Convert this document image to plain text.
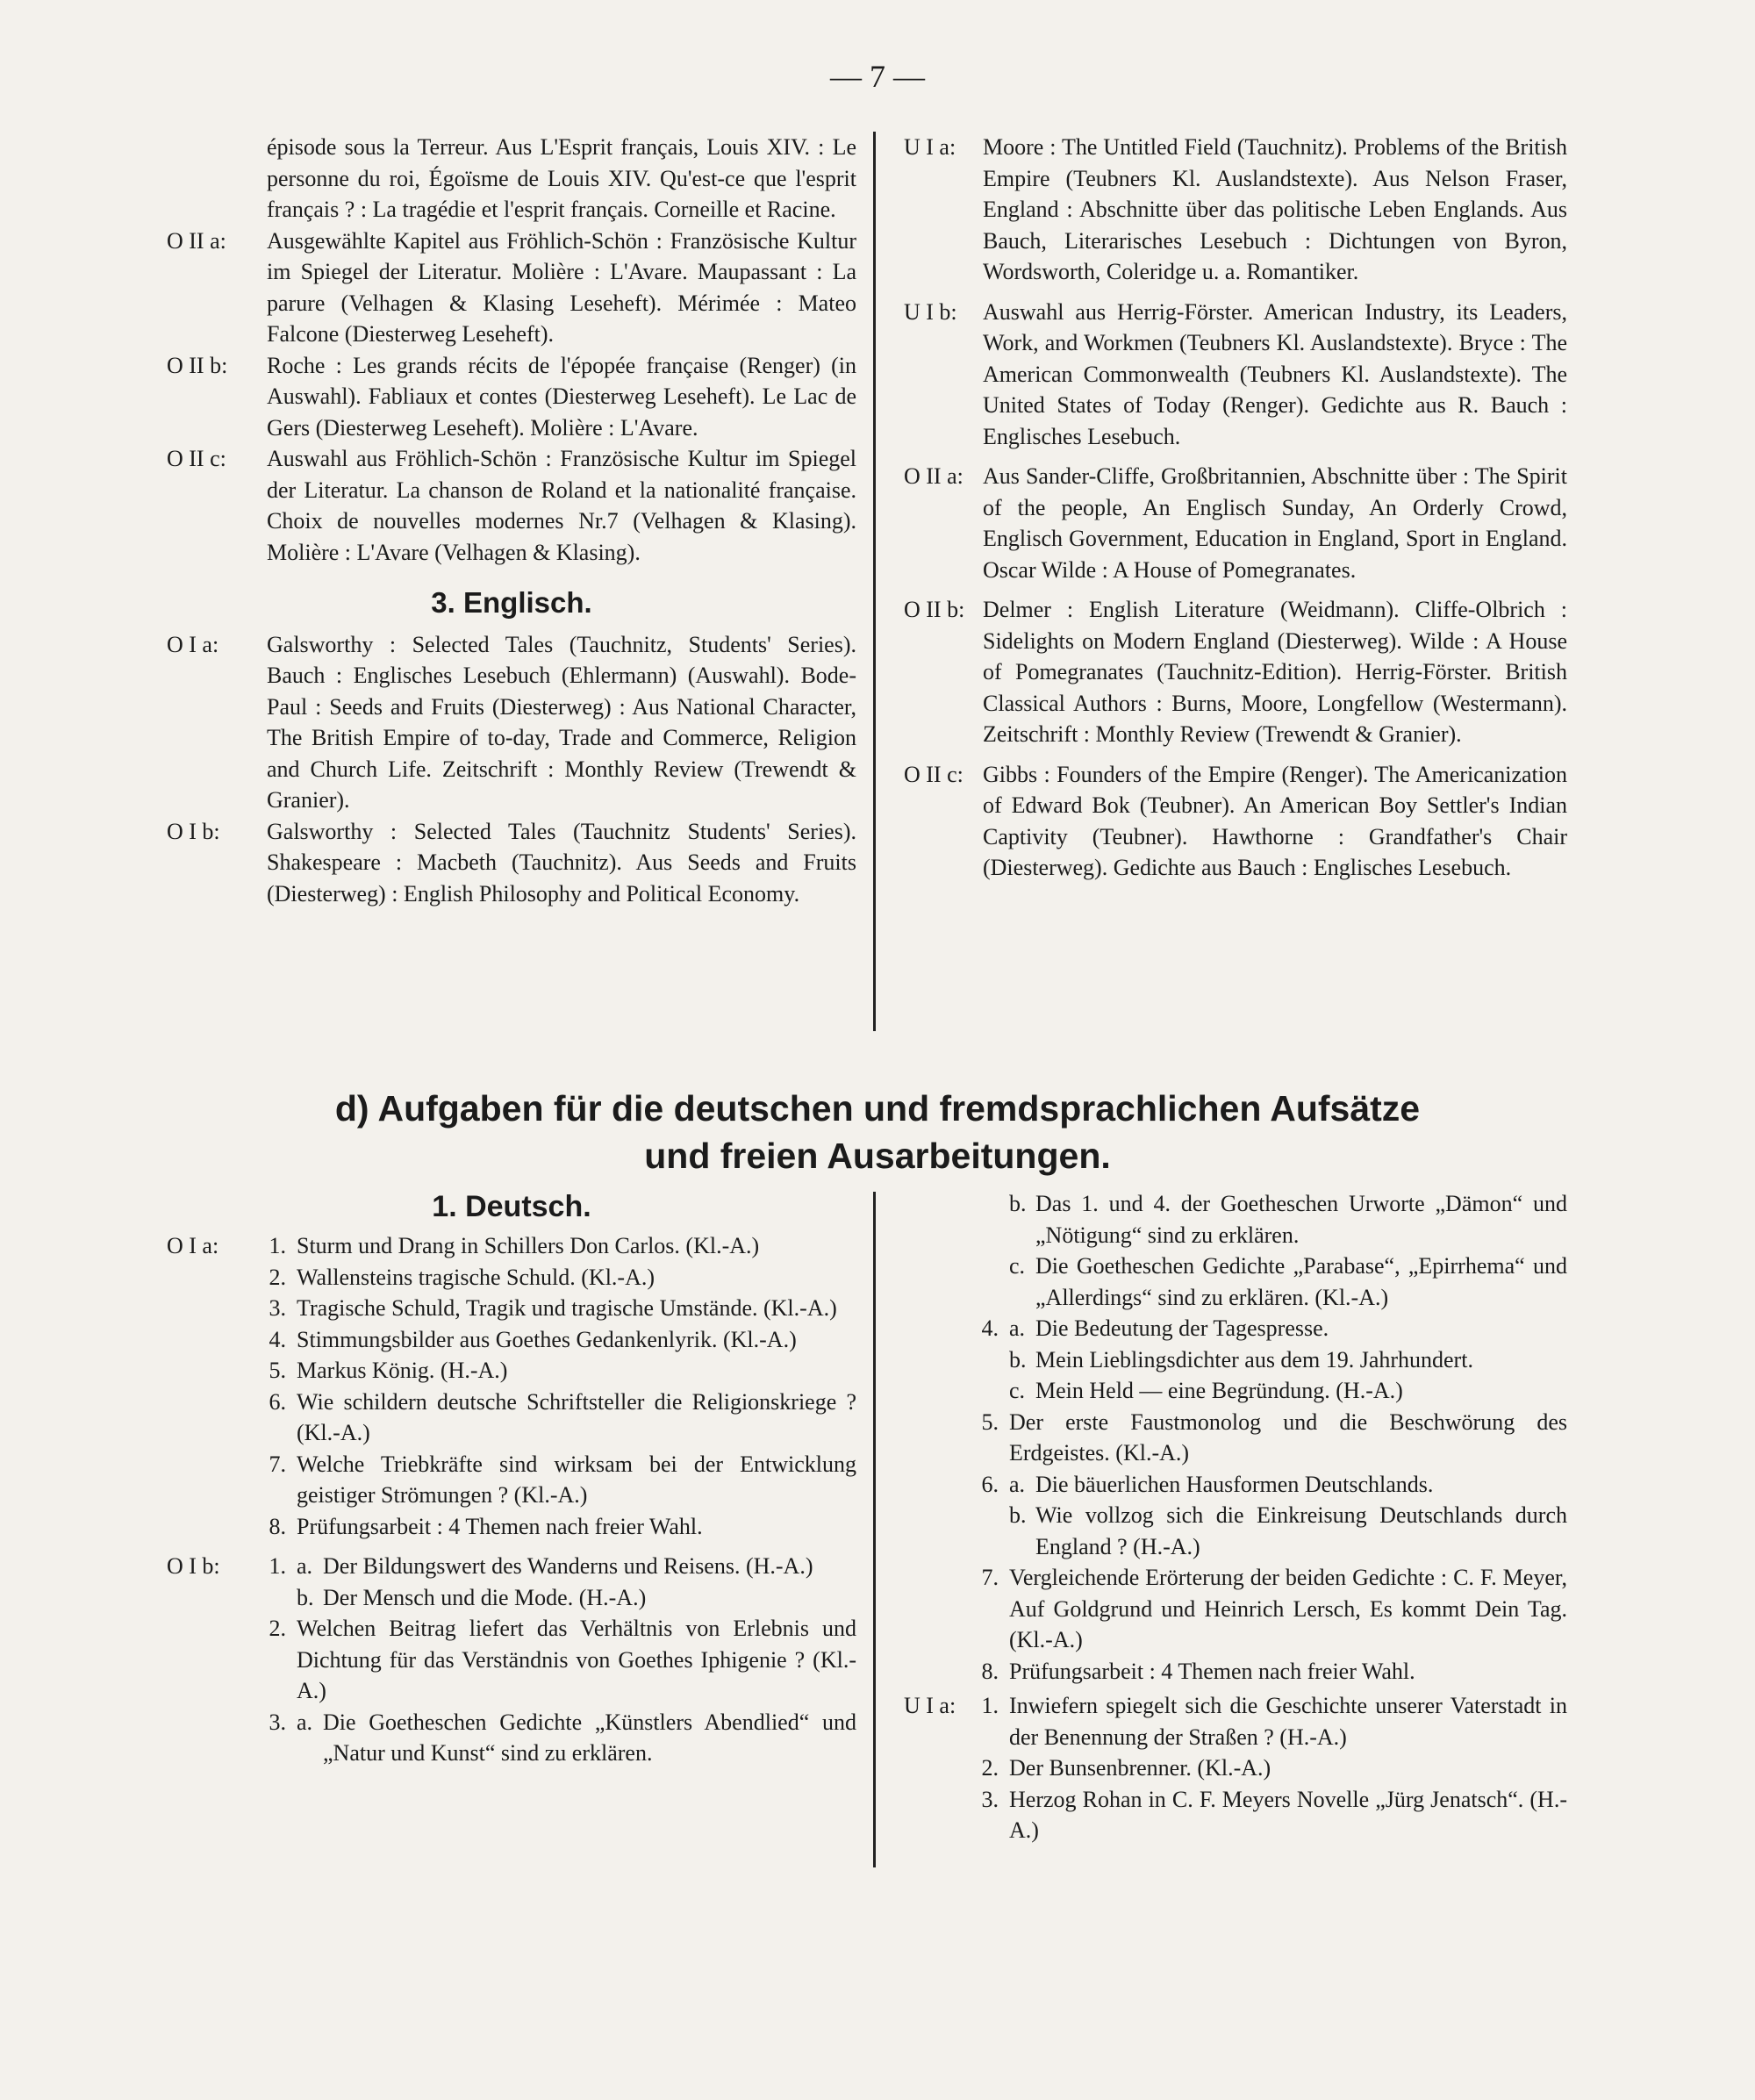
— 7 —
épisode sous la Terreur. Aus L'Esprit français, Louis XIV. : Le personne du roi, Égoïsme de Louis XIV. Qu'est-ce que l'esprit français ? : La tragédie et l'esprit français. Corneille et Racine.
O II a:	Ausgewählte Kapitel aus Fröhlich-Schön : Französische Kultur im Spiegel der Literatur. Molière : L'Avare. Maupassant : La parure (Velhagen & Klasing Leseheft). Mérimée : Mateo Falcone (Diesterweg Leseheft).
O II b:	Roche : Les grands récits de l'épopée française (Renger) (in Auswahl). Fabliaux et contes (Diesterweg Leseheft). Le Lac de Gers (Diesterweg Leseheft). Molière : L'Avare.
O II c:	Auswahl aus Fröhlich-Schön : Französische Kultur im Spiegel der Literatur. La chanson de Roland et la nationalité française. Choix de nouvelles modernes Nr.7 (Velhagen & Klasing). Molière : L'Avare (Velhagen & Klasing).
3. Englisch.
O I a:	Galsworthy : Selected Tales (Tauchnitz, Students' Series). Bauch : Englisches Lesebuch (Ehlermann) (Auswahl). Bode-Paul : Seeds and Fruits (Diesterweg) : Aus National Character, The British Empire of to-day, Trade and Commerce, Religion and Church Life. Zeitschrift : Monthly Review (Trewendt & Granier).
O I b:	Galsworthy : Selected Tales (Tauchnitz Students' Series). Shakespeare : Macbeth (Tauchnitz). Aus Seeds and Fruits (Diesterweg) : English Philosophy and Political Economy.
U I a:	Moore : The Untitled Field (Tauchnitz). Problems of the British Empire (Teubners Kl. Auslandstexte). Aus Nelson Fraser, England : Abschnitte über das politische Leben Englands. Aus Bauch, Literarisches Lesebuch : Dichtungen von Byron, Wordsworth, Coleridge u. a. Romantiker.
U I b:	Auswahl aus Herrig-Förster. American Industry, its Leaders, Work, and Workmen (Teubners Kl. Auslandstexte). Bryce : The American Commonwealth (Teubners Kl. Auslandstexte). The United States of Today (Renger). Gedichte aus R. Bauch : Englisches Lesebuch.
O II a: Aus Sander-Cliffe, Großbritannien, Abschnitte über : The Spirit of the people, An Englisch Sunday, An Orderly Crowd, Englisch Government, Education in England, Sport in England. Oscar Wilde : A House of Pomegranates.
O II b: Delmer : English Literature (Weidmann). Cliffe-Olbrich : Sidelights on Modern England (Diesterweg). Wilde : A House of Pomegranates (Tauchnitz-Edition). Herrig-Förster. British Classical Authors : Burns, Moore, Longfellow (Westermann). Zeitschrift : Monthly Review (Trewendt & Granier).
O II c: Gibbs : Founders of the Empire (Renger). The Americanization of Edward Bok (Teubner). An American Boy Settler's Indian Captivity (Teubner). Hawthorne : Grandfather's Chair (Diesterweg). Gedichte aus Bauch : Englisches Lesebuch.
d) Aufgaben für die deutschen und fremdsprachlichen Aufsätze
und freien Ausarbeitungen.
1. Deutsch.
O I a:	1. Sturm und Drang in Schillers Don Carlos. (Kl.-A.)
2. Wallensteins tragische Schuld. (Kl.-A.)
3. Tragische Schuld, Tragik und tragische Umstände. (Kl.-A.)
4. Stimmungsbilder aus Goethes Gedankenlyrik. (Kl.-A.)
5. Markus König. (H.-A.)
6. Wie schildern deutsche Schriftsteller die Religionskriege ? (Kl.-A.)
7. Welche Triebkräfte sind wirksam bei der Entwicklung geistiger Strömungen ? (Kl.-A.)
8. Prüfungsarbeit : 4 Themen nach freier Wahl.
O I b:	1. a. Der Bildungswert des Wanderns und Reisens. (H.-A.)
b. Der Mensch und die Mode. (H.-A.)
2. Welchen Beitrag liefert das Verhältnis von Erlebnis und Dichtung für das Verständnis von Goethes Iphigenie ? (Kl.-A.)
3. a. Die Goetheschen Gedichte „Künstlers Abendlied“ und „Natur und Kunst“ sind zu erklären.
b. Das 1. und 4. der Goetheschen Urworte „Dämon“ und „Nötigung“ sind zu erklären.
c. Die Goetheschen Gedichte „Parabase“, „Epirrhema“ und „Allerdings“ sind zu erklären. (Kl.-A.)
4. a. Die Bedeutung der Tagespresse.
b. Mein Lieblingsdichter aus dem 19. Jahrhundert.
c. Mein Held — eine Begründung. (H.-A.)
5. Der erste Faustmonolog und die Beschwörung des Erdgeistes. (Kl.-A.)
6. a. Die bäuerlichen Hausformen Deutschlands.
b. Wie vollzog sich die Einkreisung Deutschlands durch England ? (H.-A.)
7. Vergleichende Erörterung der beiden Gedichte : C. F. Meyer, Auf Goldgrund und Heinrich Lersch, Es kommt Dein Tag. (Kl.-A.)
8. Prüfungsarbeit : 4 Themen nach freier Wahl.
U I a:	1. Inwiefern spiegelt sich die Geschichte unserer Vaterstadt in der Benennung der Straßen ? (H.-A.)
2. Der Bunsenbrenner. (Kl.-A.)
3. Herzog Rohan in C. F. Meyers Novelle „Jürg Jenatsch“. (H.-A.)
